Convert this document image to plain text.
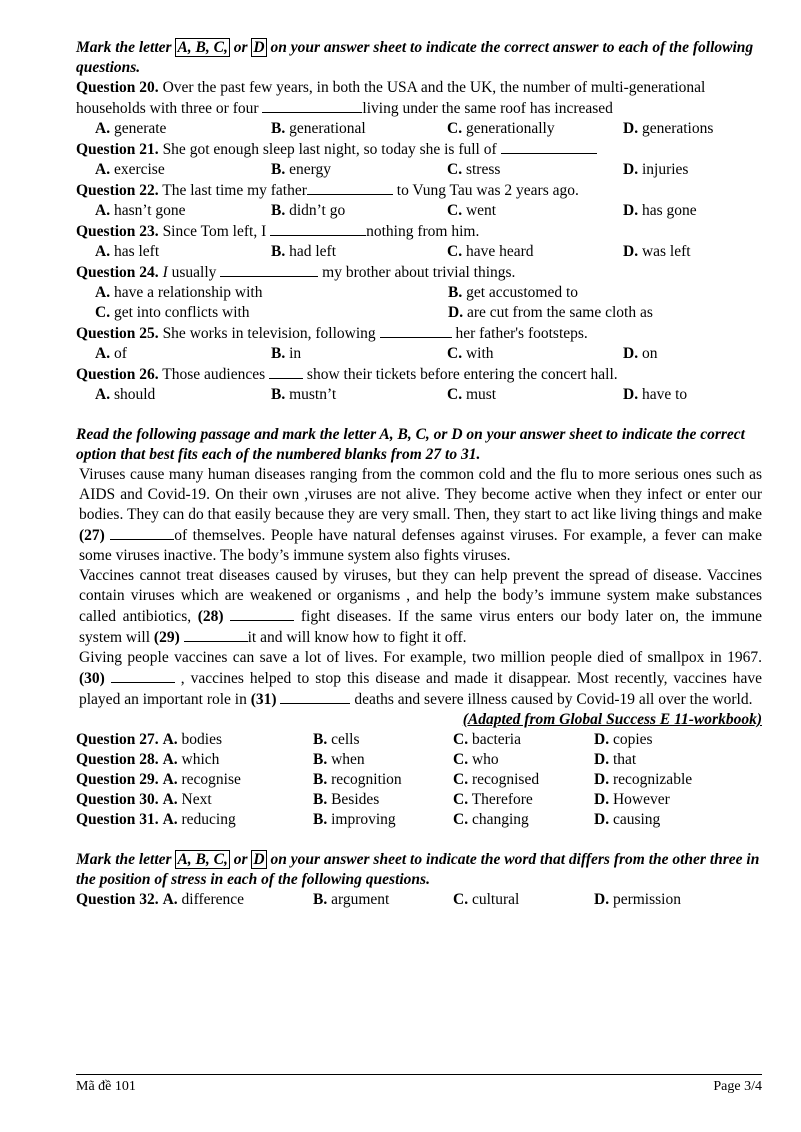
Mark the letter A, B, C, or D on your answer sheet to indicate the correct answer to each of the following questions.

Question 20. Over the past few years, in both the USA and the UK, the number of multi-generational households with three or four	living under the same roof has increased

A. generate	B. generational	C. generationally	D. generations

Question 21. She got enough sleep last night, so today she is full of

A. exercise	B. energy	C. stress	D. injuries

Question 22. The last time my father	to Vung Tau was 2 years ago.

A. hasn’t gone	B. didn’t go	C. went	D. has gone

Question 23. Since Tom left, I	nothing from him.

A. has left	B. had left	C. have heard	D. was left

Question 24. I usually	my brother about trivial things.

A. have a relationship with	B. get accustomed to
C. get into conflicts with	D. are cut from the same cloth as

Question 25. She works in television, following	her father's footsteps.

A. of	B. in	C. with	D. on

Question 26. Those audiences  show their tickets before entering the concert hall.

A. should	B. mustn’t	C. must	D. have to

Read the following passage and mark the letter A, B, C, or D on your answer sheet to indicate the correct option that best fits each of the numbered blanks from 27 to 31.

Viruses cause many human diseases ranging from the common cold and the flu to more serious ones such as AIDS and Covid-19. On their own ,viruses are not alive. They become active when they infect or enter our bodies. They can do that easily because they are very small. Then, they start to act like living things and make (27)	of themselves. People have natural defenses against viruses. For example, a fever can make some viruses inactive. The body’s immune system also fights viruses.

Vaccines cannot treat diseases caused by viruses, but they can help prevent the spread of disease. Vaccines contain viruses which are weakened or organisms , and help the body’s immune system make substances called antibiotics, (28)	fight diseases. If the same virus enters our body later on, the immune system will (29)	it and will know how to fight it off.

Giving people vaccines can save a lot of lives. For example, two million people died of smallpox in 1967. (30)	, vaccines helped to stop this disease and made it disappear. Most recently, vaccines have played an important role in (31)	deaths and severe illness caused by Covid-19 all over the world.

(Adapted from Global Success E 11-workbook)

Question 27. A. bodies	B. cells	C. bacteria	D. copies
Question 28. A. which	B. when	C. who	D. that
Question 29. A. recognise	B. recognition	C. recognised	D. recognizable
Question 30. A. Next	B. Besides	C. Therefore	D. However
Question 31. A. reducing	B. improving	C. changing	D. causing

Mark the letter A, B, C, or D on your answer sheet to indicate the word that differs from the other three in the position of stress in each of the following questions.

Question 32. A. difference	B. argument	C. cultural	D. permission
Mã đề 101	Page 3/4
